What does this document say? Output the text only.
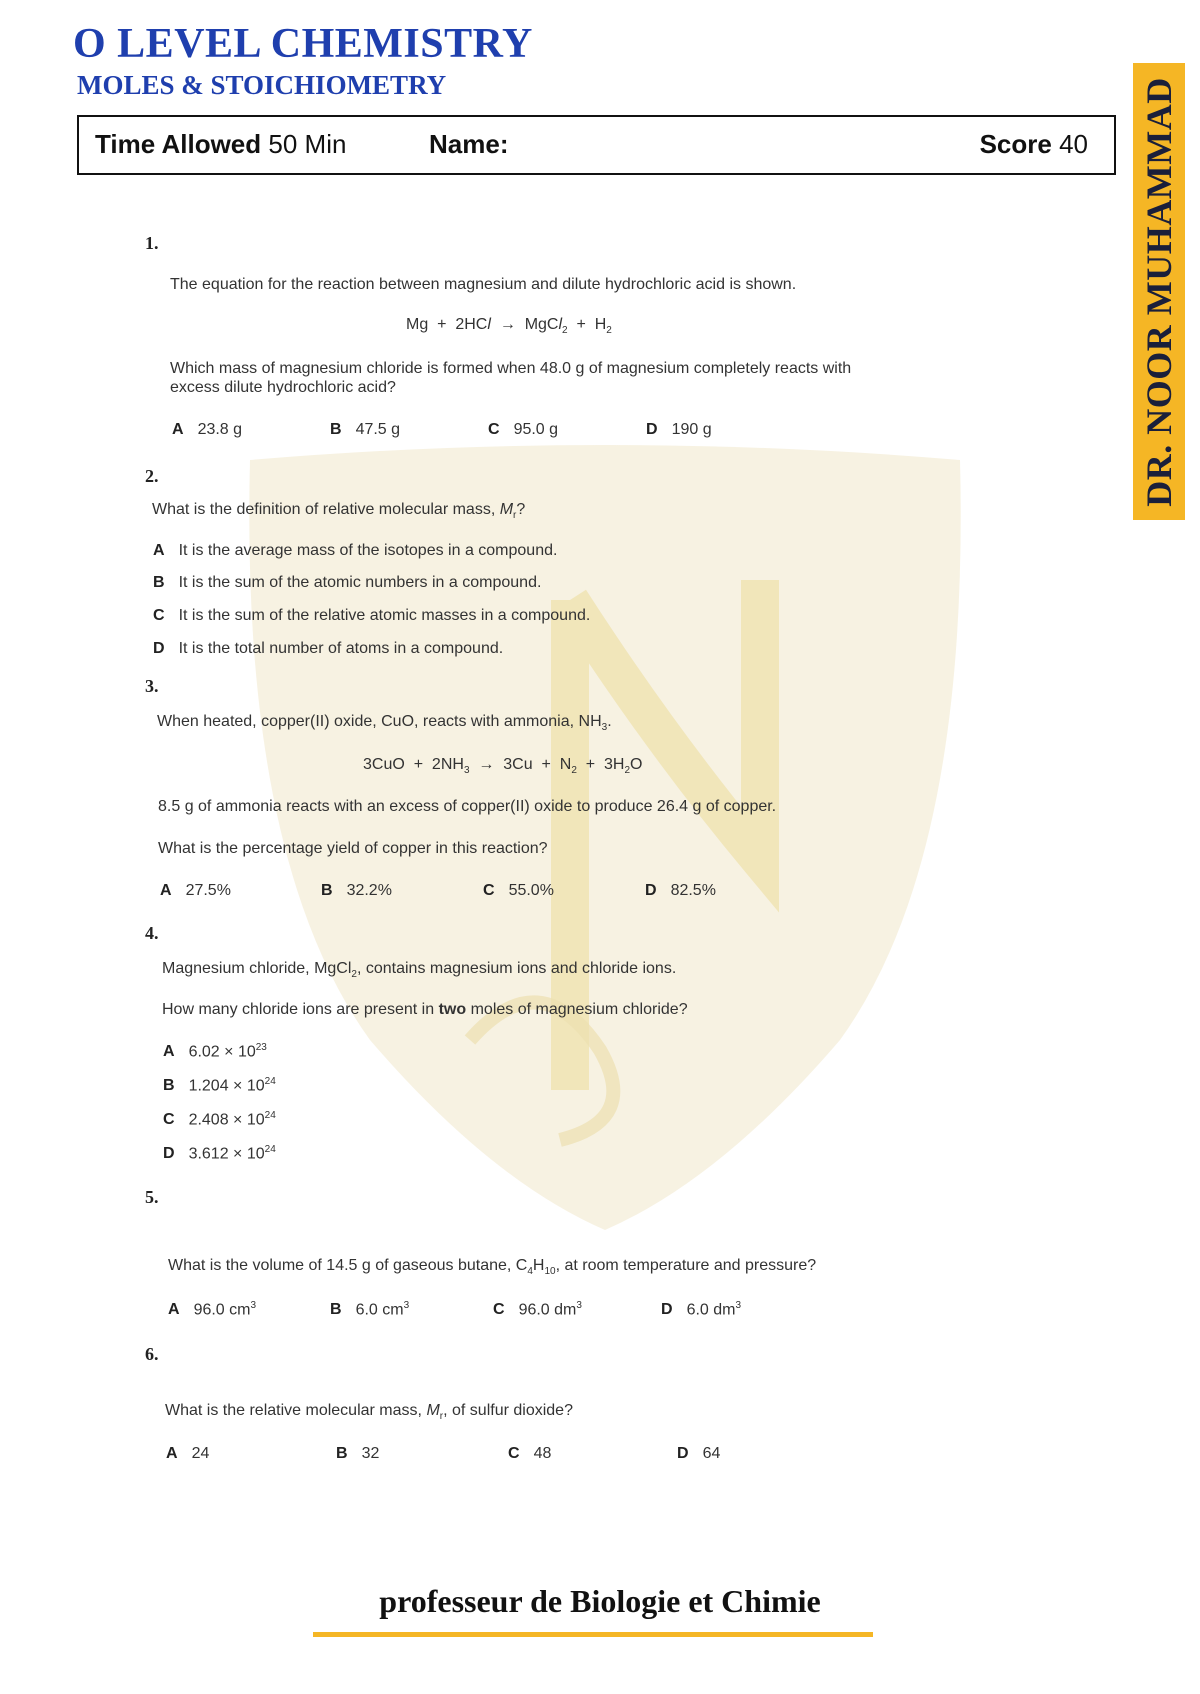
O LEVEL CHEMISTRY
MOLES & STOICHIOMETRY
Time Allowed 50 Min	Name:	Score 40 DR. NOOR MUHAMMAD
1.
The equation for the reaction between magnesium and dilute hydrochloric acid is shown.
Mg  +  2HCl  →  MgCl$_2$  +  $H_2$
Which mass of magnesium chloride is formed when 48.0 g of magnesium completely reacts with
excess dilute hydrochloric acid?
A 23.8 g	B 47.5 g	C 95.0 g	D 190 g
2.
What is the definition of relative molecular mass, $M_r$?
A It is the average mass of the isotopes in a compound.
B It is the sum of the atomic numbers in a compound.
C It is the sum of the relative atomic masses in a compound.
D It is the total number of atoms in a compound.
3.
When heated, copper(II) oxide, CuO, reacts with ammonia, $NH_3$.
$3CuO + 2NH_3 \to 3Cu + N_2 + 3H_2O$
8.5 g of ammonia reacts with an excess of copper(II) oxide to produce 26.4 g of copper.
What is the percentage yield of copper in this reaction?
A 27.5%	B 32.2%	C 55.0%	D 82.5%
4.
Magnesium chloride, MgCl$_2$, contains magnesium ions and chloride ions.
How many chloride ions are present in two moles of magnesium chloride?
A $6.02 \times 10^{23}$
B $1.204 \times 10^{24}$
C $2.408 \times 10^{24}$
D $3.612 \times 10^{24}$
5.
What is the volume of 14.5 g of gaseous butane, $C_4H_{10}$, at room temperature and pressure?
A 96.0 $cm^3$	B 6.0 $cm^3$	C 96.0 $dm^3$	D 6.0 $dm^3$
6.
What is the relative molecular mass, $M_r$, of sulfur dioxide?
A 24	B 32	C 48	D 64
professeur de Biologie et Chimie
